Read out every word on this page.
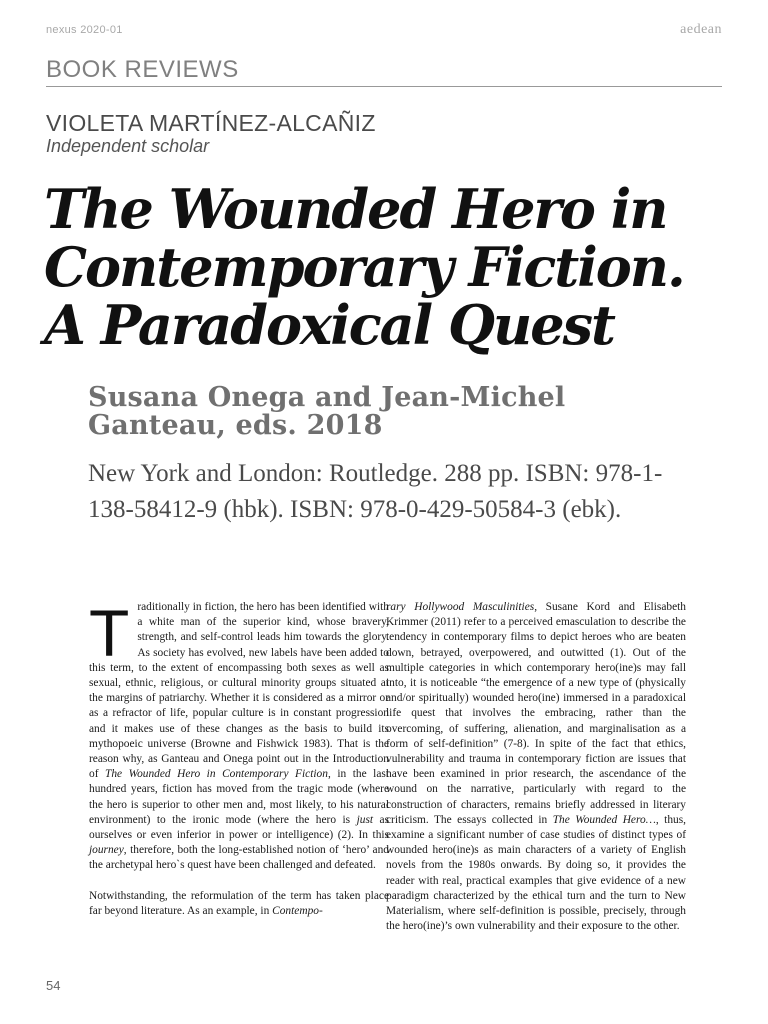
nexus 2020-01	aedean
BOOK REVIEWS
VIOLETA MARTÍNEZ-ALCAÑIZ
Independent scholar
The Wounded Hero in
Contemporary Fiction.
A Paradoxical Quest
Susana Onega and Jean-Michel
Ganteau, eds. 2018
New York and London: Routledge. 288 pp. ISBN: 978-1-138-58412-9 (hbk). ISBN: 978-0-429-50584-3 (ebk).

Traditionally in fiction, the hero has been identified with a white man of the superior kind, whose bravery, strength, and self-control leads him towards the glory. As society has evolved, new labels have been added to this term, to the extent of encompassing both sexes as well as sexual, ethnic, religious, or cultural minority groups situated at the margins of patriarchy. Whether it is considered as a mirror or as a refractor of life, popular culture is in constant progression and it makes use of these changes as the basis to build its mythopoeic universe (Browne and Fishwick 1983). That is the reason why, as Ganteau and Onega point out in the Introduction of The Wounded Hero in Contemporary Fiction, in the last hundred years, fiction has moved from the tragic mode (where the hero is superior to other men and, most likely, to his natural environment) to the ironic mode (where the hero is just as ourselves or even inferior in power or intelligence) (2). In this journey, therefore, both the long-established notion of ‘hero’ and the archetypal hero`s quest have been challenged and defeated.

Notwithstanding, the reformulation of the term has taken place far beyond literature. As an example, in Contempo-

rary Hollywood Masculinities, Susane Kord and Elisabeth Krimmer (2011) refer to a perceived emasculation to describe the tendency in contemporary films to depict heroes who are beaten down, betrayed, overpowered, and outwitted (1). Out of the multiple categories in which contemporary hero(ine)s may fall into, it is noticeable “the emergence of a new type of (physically and/or spiritually) wounded hero(ine) immersed in a paradoxical life quest that involves the embracing, rather than the overcoming, of suffering, alienation, and marginalisation as a form of self-definition” (7-8). In spite of the fact that ethics, vulnerability and trauma in contemporary fiction are issues that have been examined in prior research, the ascendance of the wound on the narrative, particularly with regard to the construction of characters, remains briefly addressed in literary criticism. The essays collected in The Wounded Hero…, thus, examine a significant number of case studies of distinct types of wounded hero(ine)s as main characters of a variety of English novels from the 1980s onwards. By doing so, it provides the reader with real, practical examples that give evidence of a new paradigm characterized by the ethical turn and the turn to New Materialism, where self-definition is possible, precisely, through the hero(ine)’s own vulnerability and their exposure to the other.

54
